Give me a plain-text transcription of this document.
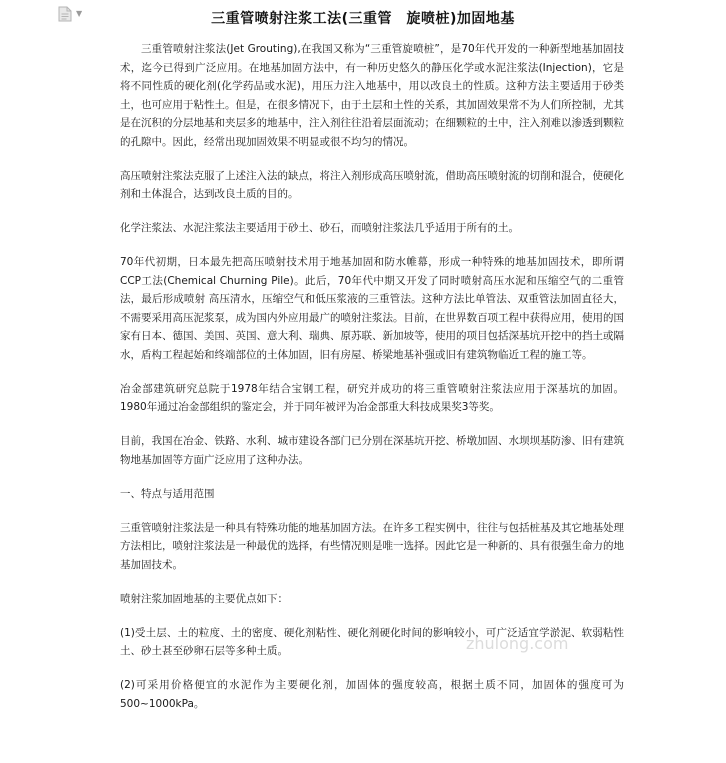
▼	三重管喷射注浆工法(三重管　旋喷桩)加固地基

三重管喷射注浆法(Jet Grouting),在我国又称为“三重管旋喷桩”，是70年代开发的一种新型地基加固技术，迄今已得到广泛应用。在地基加固方法中，有一种历史悠久的静压化学或水泥注浆法(Injection)，它是将不同性质的硬化剂(化学药品或水泥)，用压力注入地基中，用以改良土的性质。这种方法主要适用于砂类土，也可应用于粘性土。但是，在很多情况下，由于土层和土性的关系，其加固效果常不为人们所控制，尤其是在沉积的分层地基和夹层多的地基中，注入剂往往沿着层面流动；在细颗粒的土中，注入剂难以渗透到颗粒的孔隙中。因此，经常出现加固效果不明显或很不均匀的情况。

高压喷射注浆法克服了上述注入法的缺点，将注入剂形成高压喷射流，借助高压喷射流的切削和混合，使硬化剂和土体混合，达到改良土质的目的。

化学注浆法、水泥注浆法主要适用于砂土、砂石，而喷射注浆法几乎适用于所有的土。

70年代初期，日本最先把高压喷射技术用于地基加固和防水帷幕，形成一种特殊的地基加固技术，即所谓CCP工法(Chemical Churning Pile)。此后，70年代中期又开发了同时喷射高压水泥和压缩空气的二重管法，最后形成喷射 高压清水，压缩空气和低压浆液的三重管法。这种方法比单管法、双重管法加固直径大，不需要采用高压泥浆泵，成为国内外应用最广的喷射注浆法。目前，在世界数百项工程中获得应用，使用的国家有日本、德国、美国、英国、意大利、瑞典、原苏联、新加坡等，使用的项目包括深基坑开挖中的挡土或隔水，盾构工程起始和终端部位的土体加固，旧有房屋、桥梁地基补强或旧有建筑物临近工程的施工等。

冶金部建筑研究总院于1978年结合宝钢工程，研究并成功的将三重管喷射注浆法应用于深基坑的加固。1980年通过冶金部组织的鉴定会，并于同年被评为冶金部重大科技成果奖3等奖。

目前，我国在冶金、铁路、水利、城市建设各部门已分别在深基坑开挖、桥墩加固、水坝坝基防渗、旧有建筑物地基加固等方面广泛应用了这种办法。

一、特点与适用范围

三重管喷射注浆法是一种具有特殊功能的地基加固方法。在许多工程实例中，往往与包括桩基及其它地基处理方法相比，喷射注浆法是一种最优的选择，有些情况则是唯一选择。因此它是一种新的、具有很强生命力的地基加固技术。

喷射注浆加固地基的主要优点如下：

(1)受土层、土的粒度、土的密度、硬化剂粘性、硬化剂硬化时间的影响较小，可广泛适宜学淤泥、软弱粘性土、砂土甚至砂卵石层等多种土质。

(2)可采用价格便宜的水泥作为主要硬化剂，加固体的强度较高，根据土质不同，加固体的强度可为500~1000kPa。

zhulong.com
